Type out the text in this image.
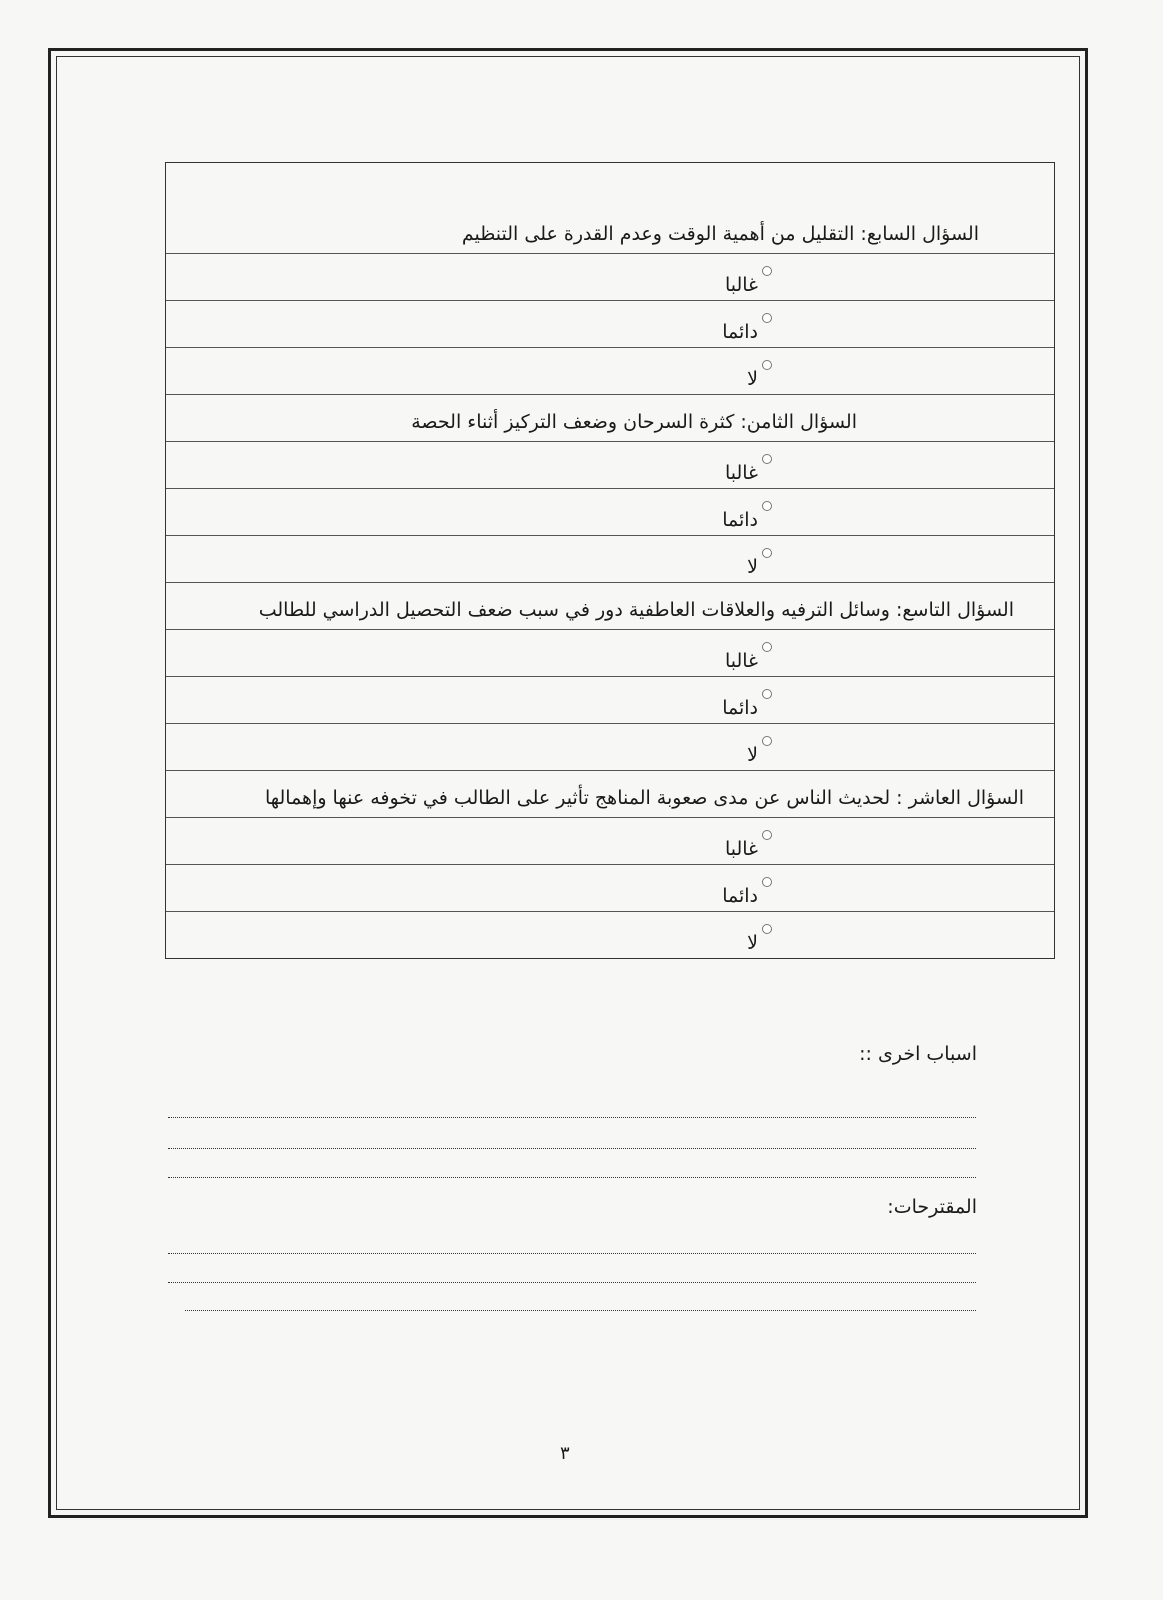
السؤال السابع: التقليل من أهمية الوقت وعدم القدرة على التنظيم
غالبا
دائما
لا
السؤال الثامن: كثرة السرحان وضعف التركيز أثناء الحصة
غالبا
دائما
لا
السؤال التاسع: وسائل الترفيه والعلاقات العاطفية دور في سبب ضعف التحصيل الدراسي للطالب
غالبا
دائما
لا
السؤال العاشر : لحديث الناس عن مدى صعوبة المناهج تأثير على الطالب في تخوفه عنها وإهمالها
غالبا
دائما
لا
اسباب اخرى ::
المقترحات:
٣
